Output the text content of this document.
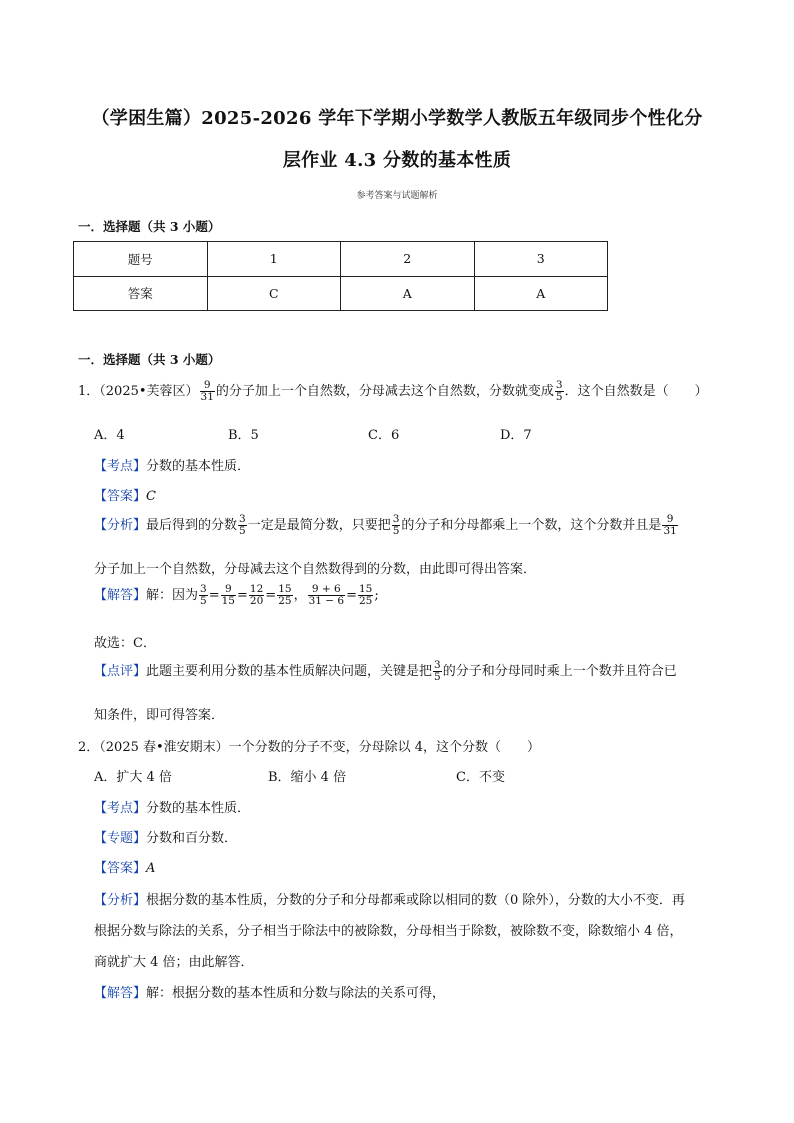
（学困生篇）2025-2026 学年下学期小学数学人教版五年级同步个性化分
层作业 4.3 分数的基本性质
参考答案与试题解析
一．选择题（共 3 小题）
题号	1	2	3
答案	C	A	A
一．选择题（共 3 小题）
1．（2025•芙蓉区） $\frac{9}{31}$ 的分子加上一个自然数，分母减去这个自然数，分数就变成 $\frac{3}{5}$ ．这个自然数是（　　）
A．4	B．5	C．6	D．7
【考点】分数的基本性质．
【答案】C
【分析】最后得到的分数 $\frac{3}{5}$ 一定是最简分数，只要把 $\frac{3}{5}$ 的分子和分母都乘上一个数，这个分数并且是 $\frac{9}{31}$
分子加上一个自然数，分母减去这个自然数得到的分数，由此即可得出答案．
【解答】解：因为 $\frac{3}{5} = \frac{9}{15} = \frac{12}{20} = \frac{15}{25}$ ， $\frac{9 + 6}{31 - 6} = \frac{15}{25}$ ;
故选：C．
【点评】此题主要利用分数的基本性质解决问题，关键是把 $\frac{3}{5}$ 的分子和分母同时乘上一个数并且符合已
知条件，即可得答案．
2．（2025 春•淮安期末）一个分数的分子不变，分母除以 4，这个分数（　　）
A．扩大 4 倍	B．缩小 4 倍	C．不变
【考点】分数的基本性质．
【专题】分数和百分数．
【答案】A
【分析】根据分数的基本性质，分数的分子和分母都乘或除以相同的数（0 除外），分数的大小不变．再
根据分数与除法的关系，分子相当于除法中的被除数，分母相当于除数，被除数不变，除数缩小 4 倍，
商就扩大 4 倍；由此解答．
【解答】解：根据分数的基本性质和分数与除法的关系可得，
